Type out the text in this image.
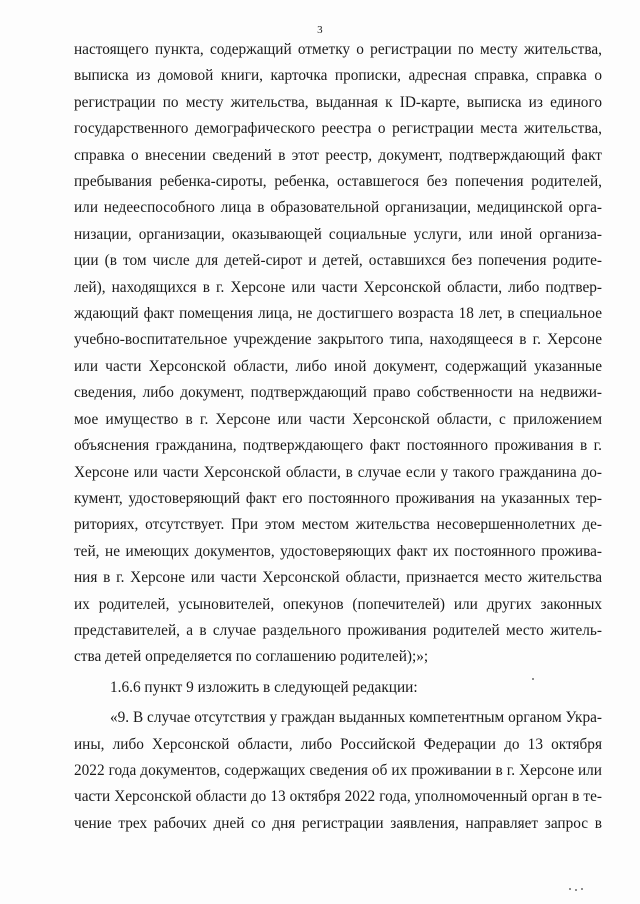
3
настоящего пункта, содержащий отметку о регистрации по месту жительства,
выписка из домовой книги, карточка прописки, адресная справка, справка о
регистрации по месту жительства, выданная к ID-карте, выписка из единого
государственного демографического реестра о регистрации места жительства,
справка о внесении сведений в этот реестр, документ, подтверждающий факт
пребывания ребенка-сироты, ребенка, оставшегося без попечения родителей,
или недееспособного лица в образовательной организации, медицинской орга-
низации, организации, оказывающей социальные услуги, или иной организа-
ции (в том числе для детей-сирот и детей, оставшихся без попечения родите-
лей), находящихся в г. Херсоне или части Херсонской области, либо подтвер-
ждающий факт помещения лица, не достигшего возраста 18 лет, в специальное
учебно-воспитательное учреждение закрытого типа, находящееся в г. Херсоне
или части Херсонской области, либо иной документ, содержащий указанные
сведения, либо документ, подтверждающий право собственности на недвижи-
мое имущество в г. Херсоне или части Херсонской области, с приложением
объяснения гражданина, подтверждающего факт постоянного проживания в г.
Херсоне или части Херсонской области, в случае если у такого гражданина до-
кумент, удостоверяющий факт его постоянного проживания на указанных тер-
риториях, отсутствует. При этом местом жительства несовершеннолетних де-
тей, не имеющих документов, удостоверяющих факт их постоянного прожива-
ния в г. Херсоне или части Херсонской области, признается место жительства
их родителей, усыновителей, опекунов (попечителей) или других законных
представителей, а в случае раздельного проживания родителей место житель-
ства детей определяется по соглашению родителей);»;
1.6.6 пункт 9 изложить в следующей редакции:
«9. В случае отсутствия у граждан выданных компетентным органом Укра-
ины, либо Херсонской области, либо Российской Федерации до 13 октября
2022 года документов, содержащих сведения об их проживании в г. Херсоне или
части Херсонской области до 13 октября 2022 года, уполномоченный орган в те-
чение трех рабочих дней со дня регистрации заявления, направляет запрос в
